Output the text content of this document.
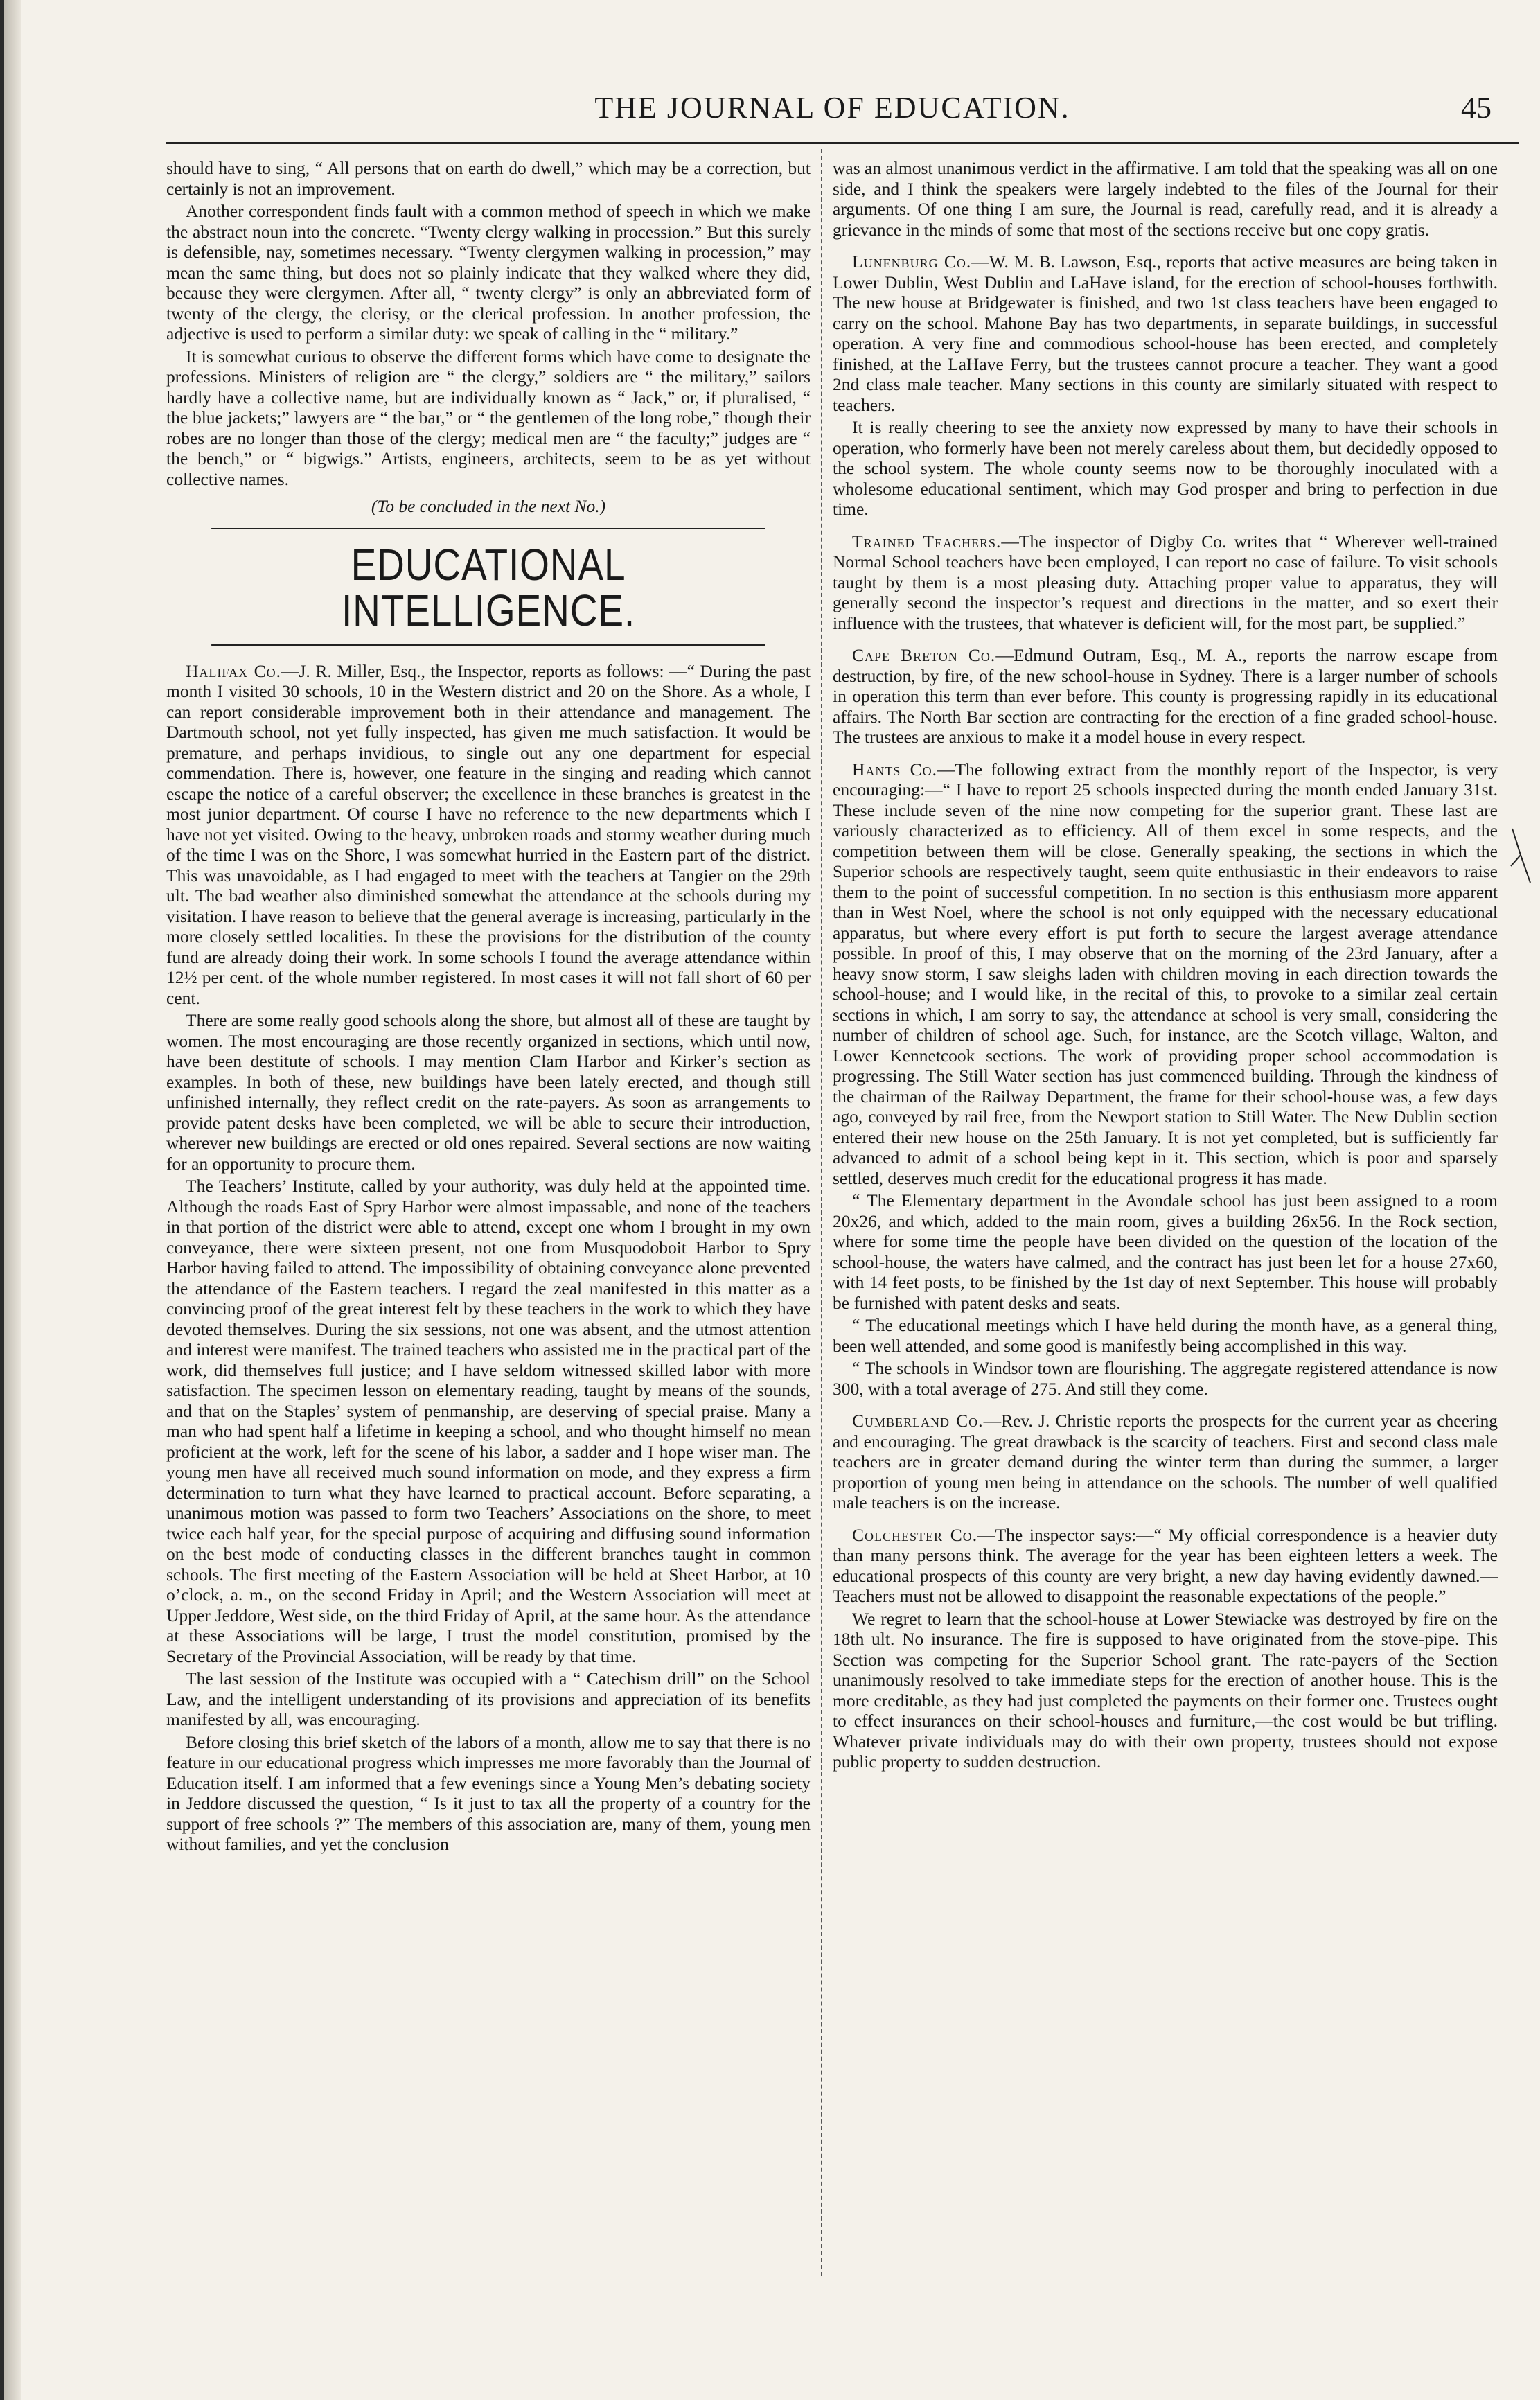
THE JOURNAL OF EDUCATION.	45

should have to sing, “ All persons that on earth do dwell,” which may be a correction, but certainly is not an improvement.

Another correspondent finds fault with a common method of speech in which we make the abstract noun into the concrete. “Twenty clergy walking in procession.” But this surely is defensible, nay, sometimes necessary. “Twenty clergymen walking in procession,” may mean the same thing, but does not so plainly indicate that they walked where they did, because they were clergymen. After all, “ twenty clergy” is only an abbreviated form of twenty of the clergy, the clerisy, or the clerical profession. In another profession, the adjective is used to perform a similar duty: we speak of calling in the “ military.”

It is somewhat curious to observe the different forms which have come to designate the professions. Ministers of religion are “ the clergy,” soldiers are “ the military,” sailors hardly have a collective name, but are individually known as “ Jack,” or, if pluralised, “ the blue jackets;” lawyers are “ the bar,” or “ the gentlemen of the long robe,” though their robes are no longer than those of the clergy; medical men are “ the faculty;” judges are “ the bench,” or “ bigwigs.” Artists, engineers, architects, seem to be as yet without collective names.

(To be concluded in the next No.)
EDUCATIONAL INTELLIGENCE.

Halifax Co.—J. R. Miller, Esq., the Inspector, reports as follows: —“ During the past month I visited 30 schools, 10 in the Western district and 20 on the Shore. As a whole, I can report considerable improvement both in their attendance and management. The Dartmouth school, not yet fully inspected, has given me much satisfaction. It would be premature, and perhaps invidious, to single out any one department for especial commendation. There is, however, one feature in the singing and reading which cannot escape the notice of a careful observer; the excellence in these branches is greatest in the most junior department. Of course I have no reference to the new departments which I have not yet visited. Owing to the heavy, unbroken roads and stormy weather during much of the time I was on the Shore, I was somewhat hurried in the Eastern part of the district. This was unavoidable, as I had engaged to meet with the teachers at Tangier on the 29th ult. The bad weather also diminished somewhat the attendance at the schools during my visitation. I have reason to believe that the general average is increasing, particularly in the more closely settled localities. In these the provisions for the distribution of the county fund are already doing their work. In some schools I found the average attendance within 12½ per cent. of the whole number registered. In most cases it will not fall short of 60 per cent.

There are some really good schools along the shore, but almost all of these are taught by women. The most encouraging are those recently organized in sections, which until now, have been destitute of schools. I may mention Clam Harbor and Kirker’s section as examples. In both of these, new buildings have been lately erected, and though still unfinished internally, they reflect credit on the rate-payers. As soon as arrangements to provide patent desks have been completed, we will be able to secure their introduction, wherever new buildings are erected or old ones repaired. Several sections are now waiting for an opportunity to procure them.

The Teachers’ Institute, called by your authority, was duly held at the appointed time. Although the roads East of Spry Harbor were almost impassable, and none of the teachers in that portion of the district were able to attend, except one whom I brought in my own conveyance, there were sixteen present, not one from Musquodoboit Harbor to Spry Harbor having failed to attend. The impossibility of obtaining conveyance alone prevented the attendance of the Eastern teachers. I regard the zeal manifested in this matter as a convincing proof of the great interest felt by these teachers in the work to which they have devoted themselves. During the six sessions, not one was absent, and the utmost attention and interest were manifest. The trained teachers who assisted me in the practical part of the work, did themselves full justice; and I have seldom witnessed skilled labor with more satisfaction. The specimen lesson on elementary reading, taught by means of the sounds, and that on the Staples’ system of penmanship, are deserving of special praise. Many a man who had spent half a lifetime in keeping a school, and who thought himself no mean proficient at the work, left for the scene of his labor, a sadder and I hope wiser man. The young men have all received much sound information on mode, and they express a firm determination to turn what they have learned to practical account. Before separating, a unanimous motion was passed to form two Teachers’ Associations on the shore, to meet twice each half year, for the special purpose of acquiring and diffusing sound information on the best mode of conducting classes in the different branches taught in common schools. The first meeting of the Eastern Association will be held at Sheet Harbor, at 10 o’clock, a. m., on the second Friday in April; and the Western Association will meet at Upper Jeddore, West side, on the third Friday of April, at the same hour. As the attendance at these Associations will be large, I trust the model constitution, promised by the Secretary of the Provincial Association, will be ready by that time.

The last session of the Institute was occupied with a “ Catechism drill” on the School Law, and the intelligent understanding of its provisions and appreciation of its benefits manifested by all, was encouraging.

Before closing this brief sketch of the labors of a month, allow me to say that there is no feature in our educational progress which impresses me more favorably than the Journal of Education itself. I am informed that a few evenings since a Young Men’s debating society in Jeddore discussed the question, “ Is it just to tax all the property of a country for the support of free schools ?” The members of this association are, many of them, young men without families, and yet the conclusion

was an almost unanimous verdict in the affirmative. I am told that the speaking was all on one side, and I think the speakers were largely indebted to the files of the Journal for their arguments. Of one thing I am sure, the Journal is read, carefully read, and it is already a grievance in the minds of some that most of the sections receive but one copy gratis.

Lunenburg Co.—W. M. B. Lawson, Esq., reports that active measures are being taken in Lower Dublin, West Dublin and LaHave island, for the erection of school-houses forthwith. The new house at Bridgewater is finished, and two 1st class teachers have been engaged to carry on the school. Mahone Bay has two departments, in separate buildings, in successful operation. A very fine and commodious school-house has been erected, and completely finished, at the LaHave Ferry, but the trustees cannot procure a teacher. They want a good 2nd class male teacher. Many sections in this county are similarly situated with respect to teachers.

It is really cheering to see the anxiety now expressed by many to have their schools in operation, who formerly have been not merely careless about them, but decidedly opposed to the school system. The whole county seems now to be thoroughly inoculated with a wholesome educational sentiment, which may God prosper and bring to perfection in due time.

Trained Teachers.—The inspector of Digby Co. writes that “ Wherever well-trained Normal School teachers have been employed, I can report no case of failure. To visit schools taught by them is a most pleasing duty. Attaching proper value to apparatus, they will generally second the inspector’s request and directions in the matter, and so exert their influence with the trustees, that whatever is deficient will, for the most part, be supplied.”

Cape Breton Co.—Edmund Outram, Esq., M. A., reports the narrow escape from destruction, by fire, of the new school-house in Sydney. There is a larger number of schools in operation this term than ever before. This county is progressing rapidly in its educational affairs. The North Bar section are contracting for the erection of a fine graded school-house. The trustees are anxious to make it a model house in every respect.

Hants Co.—The following extract from the monthly report of the Inspector, is very encouraging:—“ I have to report 25 schools inspected during the month ended January 31st. These include seven of the nine now competing for the superior grant. These last are variously characterized as to efficiency. All of them excel in some respects, and the competition between them will be close. Generally speaking, the sections in which the Superior schools are respectively taught, seem quite enthusiastic in their endeavors to raise them to the point of successful competition. In no section is this enthusiasm more apparent than in West Noel, where the school is not only equipped with the necessary educational apparatus, but where every effort is put forth to secure the largest average attendance possible. In proof of this, I may observe that on the morning of the 23rd January, after a heavy snow storm, I saw sleighs laden with children moving in each direction towards the school-house; and I would like, in the recital of this, to provoke to a similar zeal certain sections in which, I am sorry to say, the attendance at school is very small, considering the number of children of school age. Such, for instance, are the Scotch village, Walton, and Lower Kennetcook sections. The work of providing proper school accommodation is progressing. The Still Water section has just commenced building. Through the kindness of the chairman of the Railway Department, the frame for their school-house was, a few days ago, conveyed by rail free, from the Newport station to Still Water. The New Dublin section entered their new house on the 25th January. It is not yet completed, but is sufficiently far advanced to admit of a school being kept in it. This section, which is poor and sparsely settled, deserves much credit for the educational progress it has made.

“ The Elementary department in the Avondale school has just been assigned to a room 20x26, and which, added to the main room, gives a building 26x56. In the Rock section, where for some time the people have been divided on the question of the location of the school-house, the waters have calmed, and the contract has just been let for a house 27x60, with 14 feet posts, to be finished by the 1st day of next September. This house will probably be furnished with patent desks and seats.

“ The educational meetings which I have held during the month have, as a general thing, been well attended, and some good is manifestly being accomplished in this way.

“ The schools in Windsor town are flourishing. The aggregate registered attendance is now 300, with a total average of 275. And still they come.

Cumberland Co.—Rev. J. Christie reports the prospects for the current year as cheering and encouraging. The great drawback is the scarcity of teachers. First and second class male teachers are in greater demand during the winter term than during the summer, a larger proportion of young men being in attendance on the schools. The number of well qualified male teachers is on the increase.

Colchester Co.—The inspector says:—“ My official correspondence is a heavier duty than many persons think. The average for the year has been eighteen letters a week. The educational prospects of this county are very bright, a new day having evidently dawned.—Teachers must not be allowed to disappoint the reasonable expectations of the people.”

We regret to learn that the school-house at Lower Stewiacke was destroyed by fire on the 18th ult. No insurance. The fire is supposed to have originated from the stove-pipe. This Section was competing for the Superior School grant. The rate-payers of the Section unanimously resolved to take immediate steps for the erection of another house. This is the more creditable, as they had just completed the payments on their former one. Trustees ought to effect insurances on their school-houses and furniture,—the cost would be but trifling. Whatever private individuals may do with their own property, trustees should not expose public property to sudden destruction.
